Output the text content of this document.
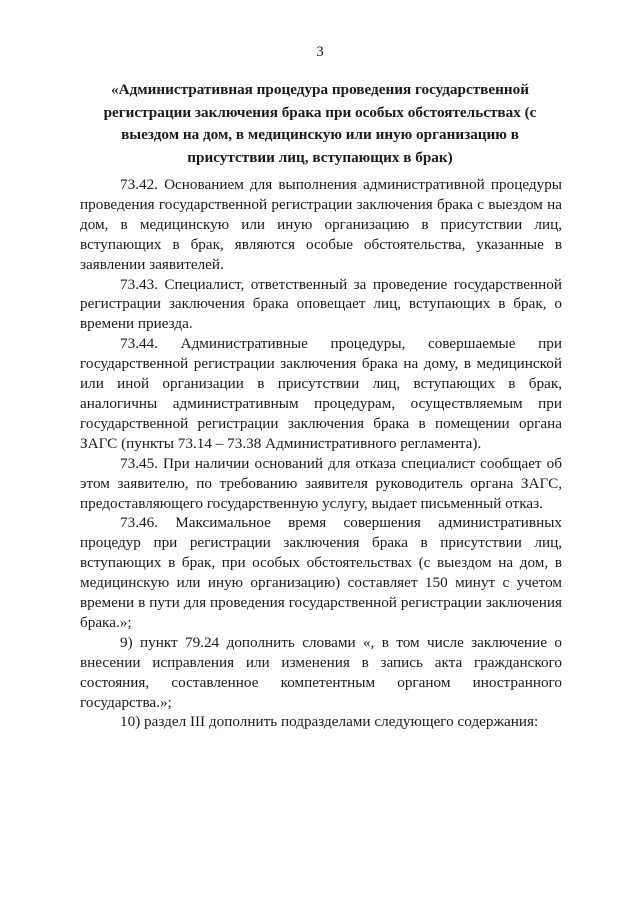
3
«Административная процедура проведения государственной регистрации заключения брака при особых обстоятельствах (с выездом на дом, в медицинскую или иную организацию в присутствии лиц, вступающих в брак)

73.42. Основанием для выполнения административной процедуры проведения государственной регистрации заключения брака с выездом на дом, в медицинскую или иную организацию в присутствии лиц, вступающих в брак, являются особые обстоятельства, указанные в заявлении заявителей.

73.43. Специалист, ответственный за проведение государственной регистрации заключения брака оповещает лиц, вступающих в брак, о времени приезда.

73.44. Административные процедуры, совершаемые при государственной регистрации заключения брака на дому, в медицинской или иной организации в присутствии лиц, вступающих в брак, аналогичны административным процедурам, осуществляемым при государственной регистрации заключения брака в помещении органа ЗАГС (пункты 73.14 – 73.38 Административного регламента).

73.45. При наличии оснований для отказа специалист сообщает об этом заявителю, по требованию заявителя руководитель органа ЗАГС, предоставляющего государственную услугу, выдает письменный отказ.

73.46. Максимальное время совершения административных процедур при регистрации заключения брака в присутствии лиц, вступающих в брак, при особых обстоятельствах (с выездом на дом, в медицинскую или иную организацию) составляет 150 минут с учетом времени в пути для проведения государственной регистрации заключения брака.»;

9) пункт 79.24 дополнить словами «, в том числе заключение о внесении исправления или изменения в запись акта гражданского состояния, составленное компетентным органом иностранного государства.»;

10) раздел III дополнить подразделами следующего содержания:
